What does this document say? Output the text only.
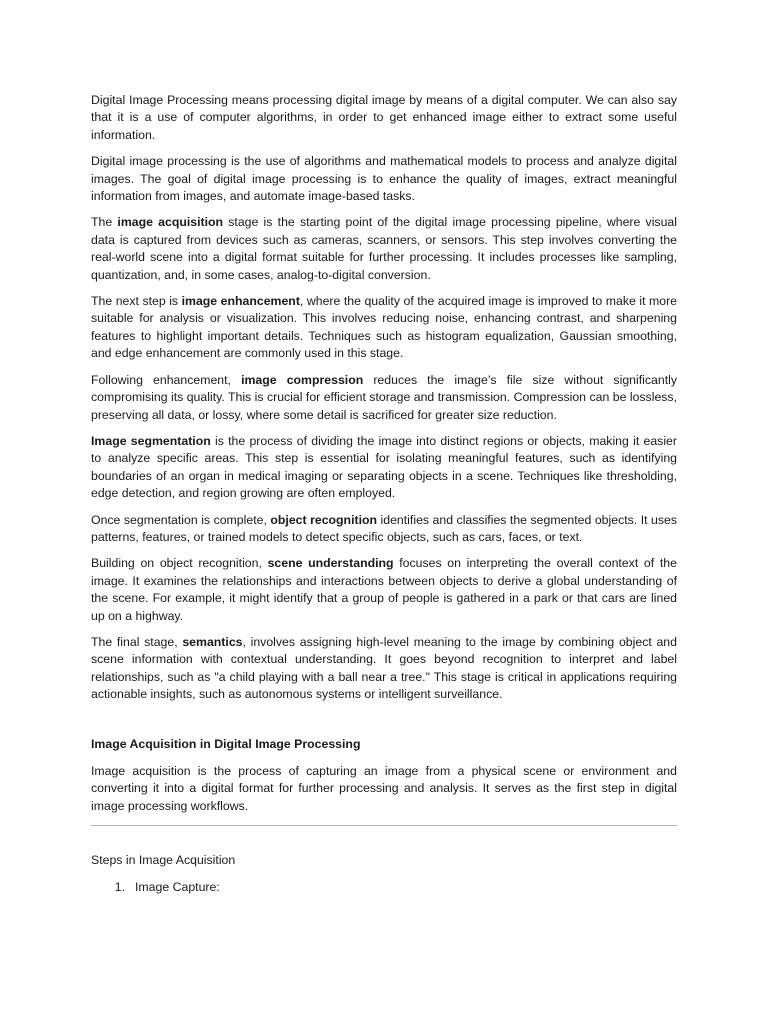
Digital Image Processing means processing digital image by means of a digital computer. We can also say that it is a use of computer algorithms, in order to get enhanced image either to extract some useful information.

Digital image processing is the use of algorithms and mathematical models to process and analyze digital images. The goal of digital image processing is to enhance the quality of images, extract meaningful information from images, and automate image-based tasks.

The image acquisition stage is the starting point of the digital image processing pipeline, where visual data is captured from devices such as cameras, scanners, or sensors. This step involves converting the real-world scene into a digital format suitable for further processing. It includes processes like sampling, quantization, and, in some cases, analog-to-digital conversion.

The next step is image enhancement, where the quality of the acquired image is improved to make it more suitable for analysis or visualization. This involves reducing noise, enhancing contrast, and sharpening features to highlight important details. Techniques such as histogram equalization, Gaussian smoothing, and edge enhancement are commonly used in this stage.

Following enhancement, image compression reduces the image’s file size without significantly compromising its quality. This is crucial for efficient storage and transmission. Compression can be lossless, preserving all data, or lossy, where some detail is sacrificed for greater size reduction.

Image segmentation is the process of dividing the image into distinct regions or objects, making it easier to analyze specific areas. This step is essential for isolating meaningful features, such as identifying boundaries of an organ in medical imaging or separating objects in a scene. Techniques like thresholding, edge detection, and region growing are often employed.

Once segmentation is complete, object recognition identifies and classifies the segmented objects. It uses patterns, features, or trained models to detect specific objects, such as cars, faces, or text.

Building on object recognition, scene understanding focuses on interpreting the overall context of the image. It examines the relationships and interactions between objects to derive a global understanding of the scene. For example, it might identify that a group of people is gathered in a park or that cars are lined up on a highway.

The final stage, semantics, involves assigning high-level meaning to the image by combining object and scene information with contextual understanding. It goes beyond recognition to interpret and label relationships, such as "a child playing with a ball near a tree." This stage is critical in applications requiring actionable insights, such as autonomous systems or intelligent surveillance.

Image Acquisition in Digital Image Processing

Image acquisition is the process of capturing an image from a physical scene or environment and converting it into a digital format for further processing and analysis. It serves as the first step in digital image processing workflows.

Steps in Image Acquisition
1. Image Capture:
